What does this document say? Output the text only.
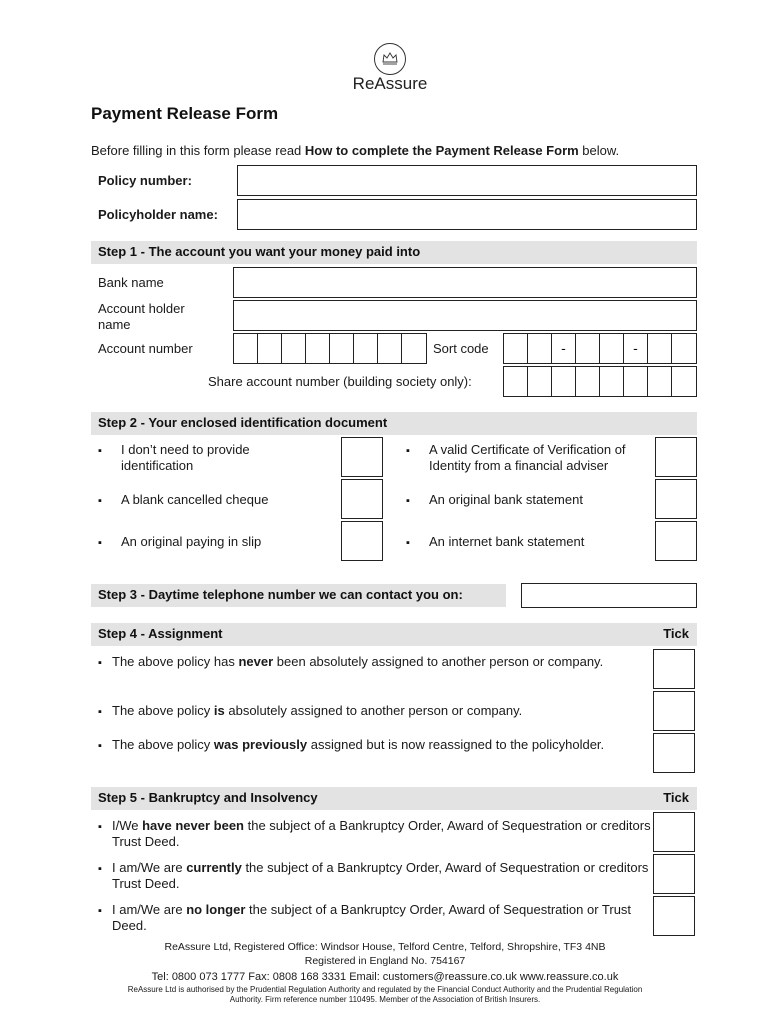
ReAssure
Payment Release Form
Before filling in this form please read How to complete the Payment Release Form below.
Policy number:
Policyholder name:
Step 1 - The account you want your money paid into
Bank name
Account holder name
Account number	Sort code	-	-
Share account number (building society only):
Step 2 - Your enclosed identification document
▪ I don’t need to provide identification
▪ A blank cancelled cheque
▪ An original paying in slip
▪ A valid Certificate of Verification of Identity from a financial adviser
▪ An original bank statement
▪ An internet bank statement
Step 3 - Daytime telephone number we can contact you on:
Step 4 - Assignment	Tick
▪ The above policy has never been absolutely assigned to another person or company.
▪ The above policy is absolutely assigned to another person or company.
▪ The above policy was previously assigned but is now reassigned to the policyholder.
Step 5 - Bankruptcy and Insolvency	Tick
▪ I/We have never been the subject of a Bankruptcy Order, Award of Sequestration or creditors Trust Deed.
▪ I am/We are currently the subject of a Bankruptcy Order, Award of Sequestration or creditors Trust Deed.
▪ I am/We are no longer the subject of a Bankruptcy Order, Award of Sequestration or Trust Deed.
ReAssure Ltd, Registered Office: Windsor House, Telford Centre, Telford, Shropshire, TF3 4NB
Registered in England No. 754167
Tel: 0800 073 1777 Fax: 0808 168 3331 Email: customers@reassure.co.uk www.reassure.co.uk
ReAssure Ltd is authorised by the Prudential Regulation Authority and regulated by the Financial Conduct Authority and the Prudential Regulation
Authority. Firm reference number 110495. Member of the Association of British Insurers.
